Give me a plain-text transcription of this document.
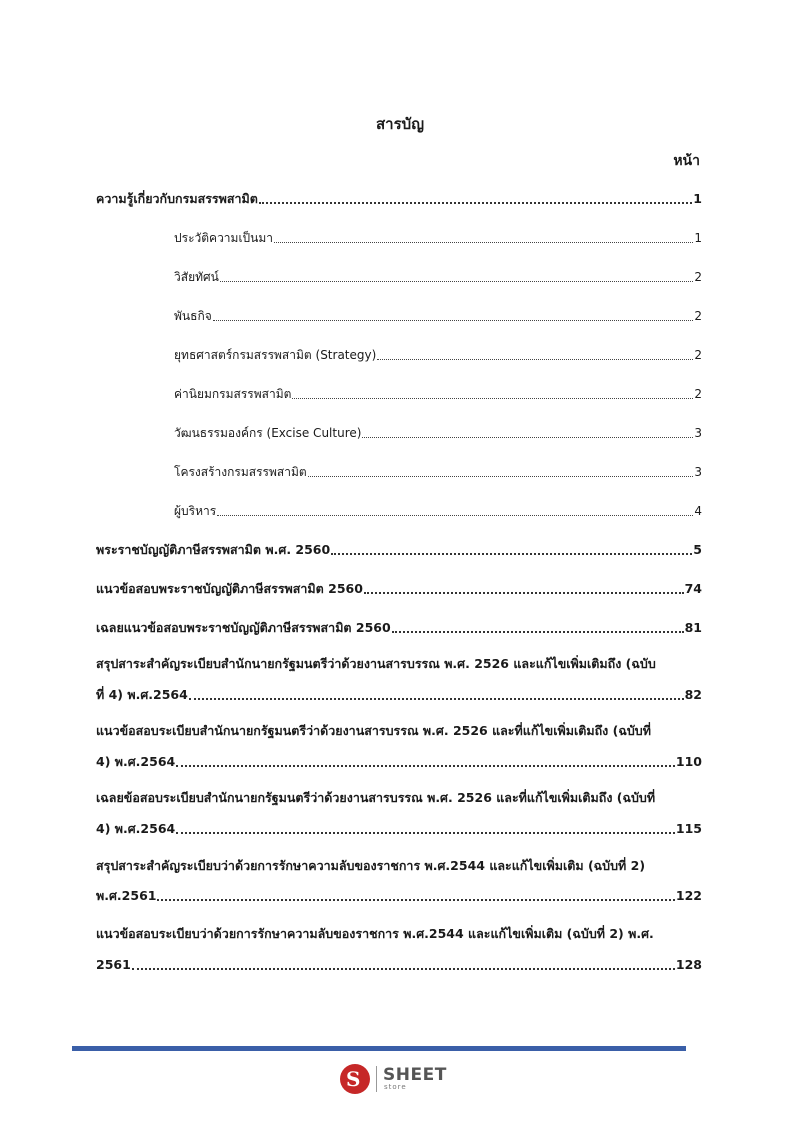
สารบัญ
หน้า
ความรู้เกี่ยวกับกรมสรรพสามิต	1
ประวัติความเป็นมา	1
วิสัยทัศน์	2
พันธกิจ	2
ยุทธศาสตร์กรมสรรพสามิต (Strategy)	2
ค่านิยมกรมสรรพสามิต	2
วัฒนธรรมองค์กร (Excise Culture)	3
โครงสร้างกรมสรรพสามิต	3
ผู้บริหาร	4
พระราชบัญญัติภาษีสรรพสามิต พ.ศ. 2560	5
แนวข้อสอบพระราชบัญญัติภาษีสรรพสามิต 2560	74
เฉลยแนวข้อสอบพระราชบัญญัติภาษีสรรพสามิต 2560	81
สรุปสาระสำคัญระเบียบสำนักนายกรัฐมนตรีว่าด้วยงานสารบรรณ พ.ศ. 2526 และแก้ไขเพิ่มเติมถึง (ฉบับ
ที่ 4) พ.ศ.2564	82
แนวข้อสอบระเบียบสำนักนายกรัฐมนตรีว่าด้วยงานสารบรรณ พ.ศ. 2526 และที่แก้ไขเพิ่มเติมถึง (ฉบับที่
4) พ.ศ.2564	110
เฉลยข้อสอบระเบียบสำนักนายกรัฐมนตรีว่าด้วยงานสารบรรณ พ.ศ. 2526 และที่แก้ไขเพิ่มเติมถึง (ฉบับที่
4) พ.ศ.2564	115
สรุปสาระสำคัญระเบียบว่าด้วยการรักษาความลับของราชการ พ.ศ.2544 และแก้ไขเพิ่มเติม (ฉบับที่ 2)
พ.ศ.2561	122
แนวข้อสอบระเบียบว่าด้วยการรักษาความลับของราชการ พ.ศ.2544 และแก้ไขเพิ่มเติม (ฉบับที่ 2) พ.ศ.
2561	128
S SHEET
store
